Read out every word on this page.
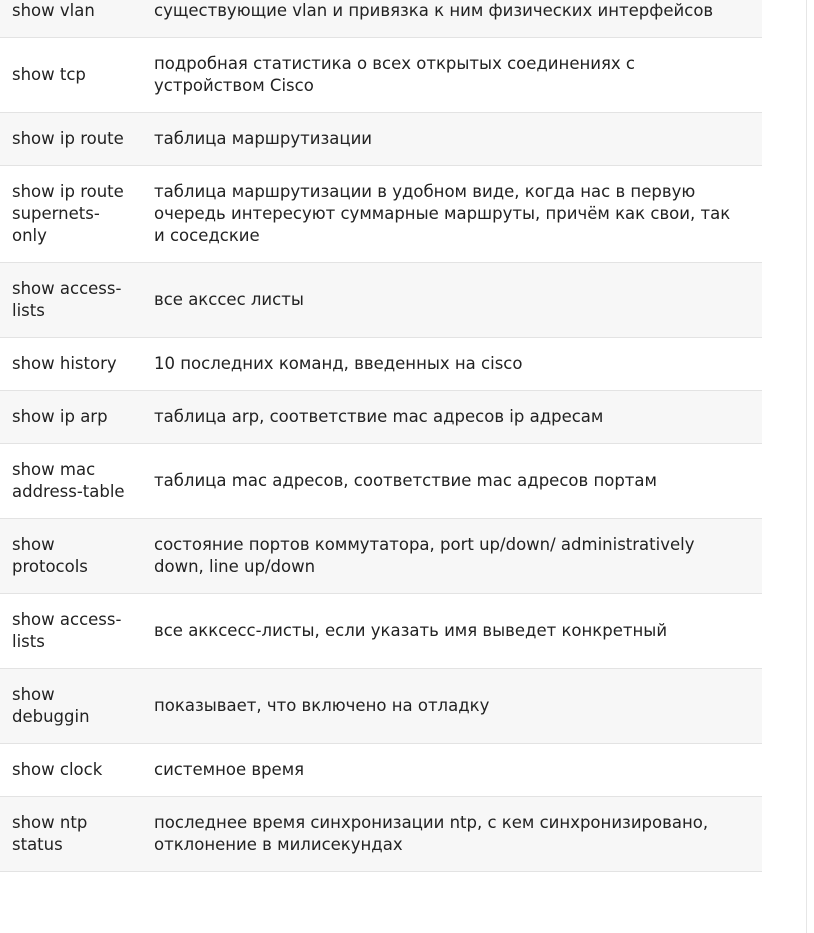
show vlan	существующие vlan и привязка к ним физических интерфейсов
show tcp	подробная статистика о всех открытых соединениях с устройством Cisco
show ip route	таблица маршрутизации
show ip route supernets-only	таблица маршрутизации в удобном виде, когда нас в первую очередь интересуют суммарные маршруты, причём как свои, так и соседские
show access-lists	все акссес листы
show history	10 последних команд, введенных на cisco
show ip arp	таблица arp, соответствие mac адресов ip адресам
show mac address-table	таблица mac адресов, соответствие mac адресов портам
show protocols	состояние портов коммутатора, port up/down/ administratively down, line up/down
show access-lists	все акксесс-листы, если указать имя выведет конкретный
show debuggin	показывает, что включено на отладку
show clock	системное время
show ntp status	последнее время синхронизации ntp, с кем синхронизировано, отклонение в милисекундах
